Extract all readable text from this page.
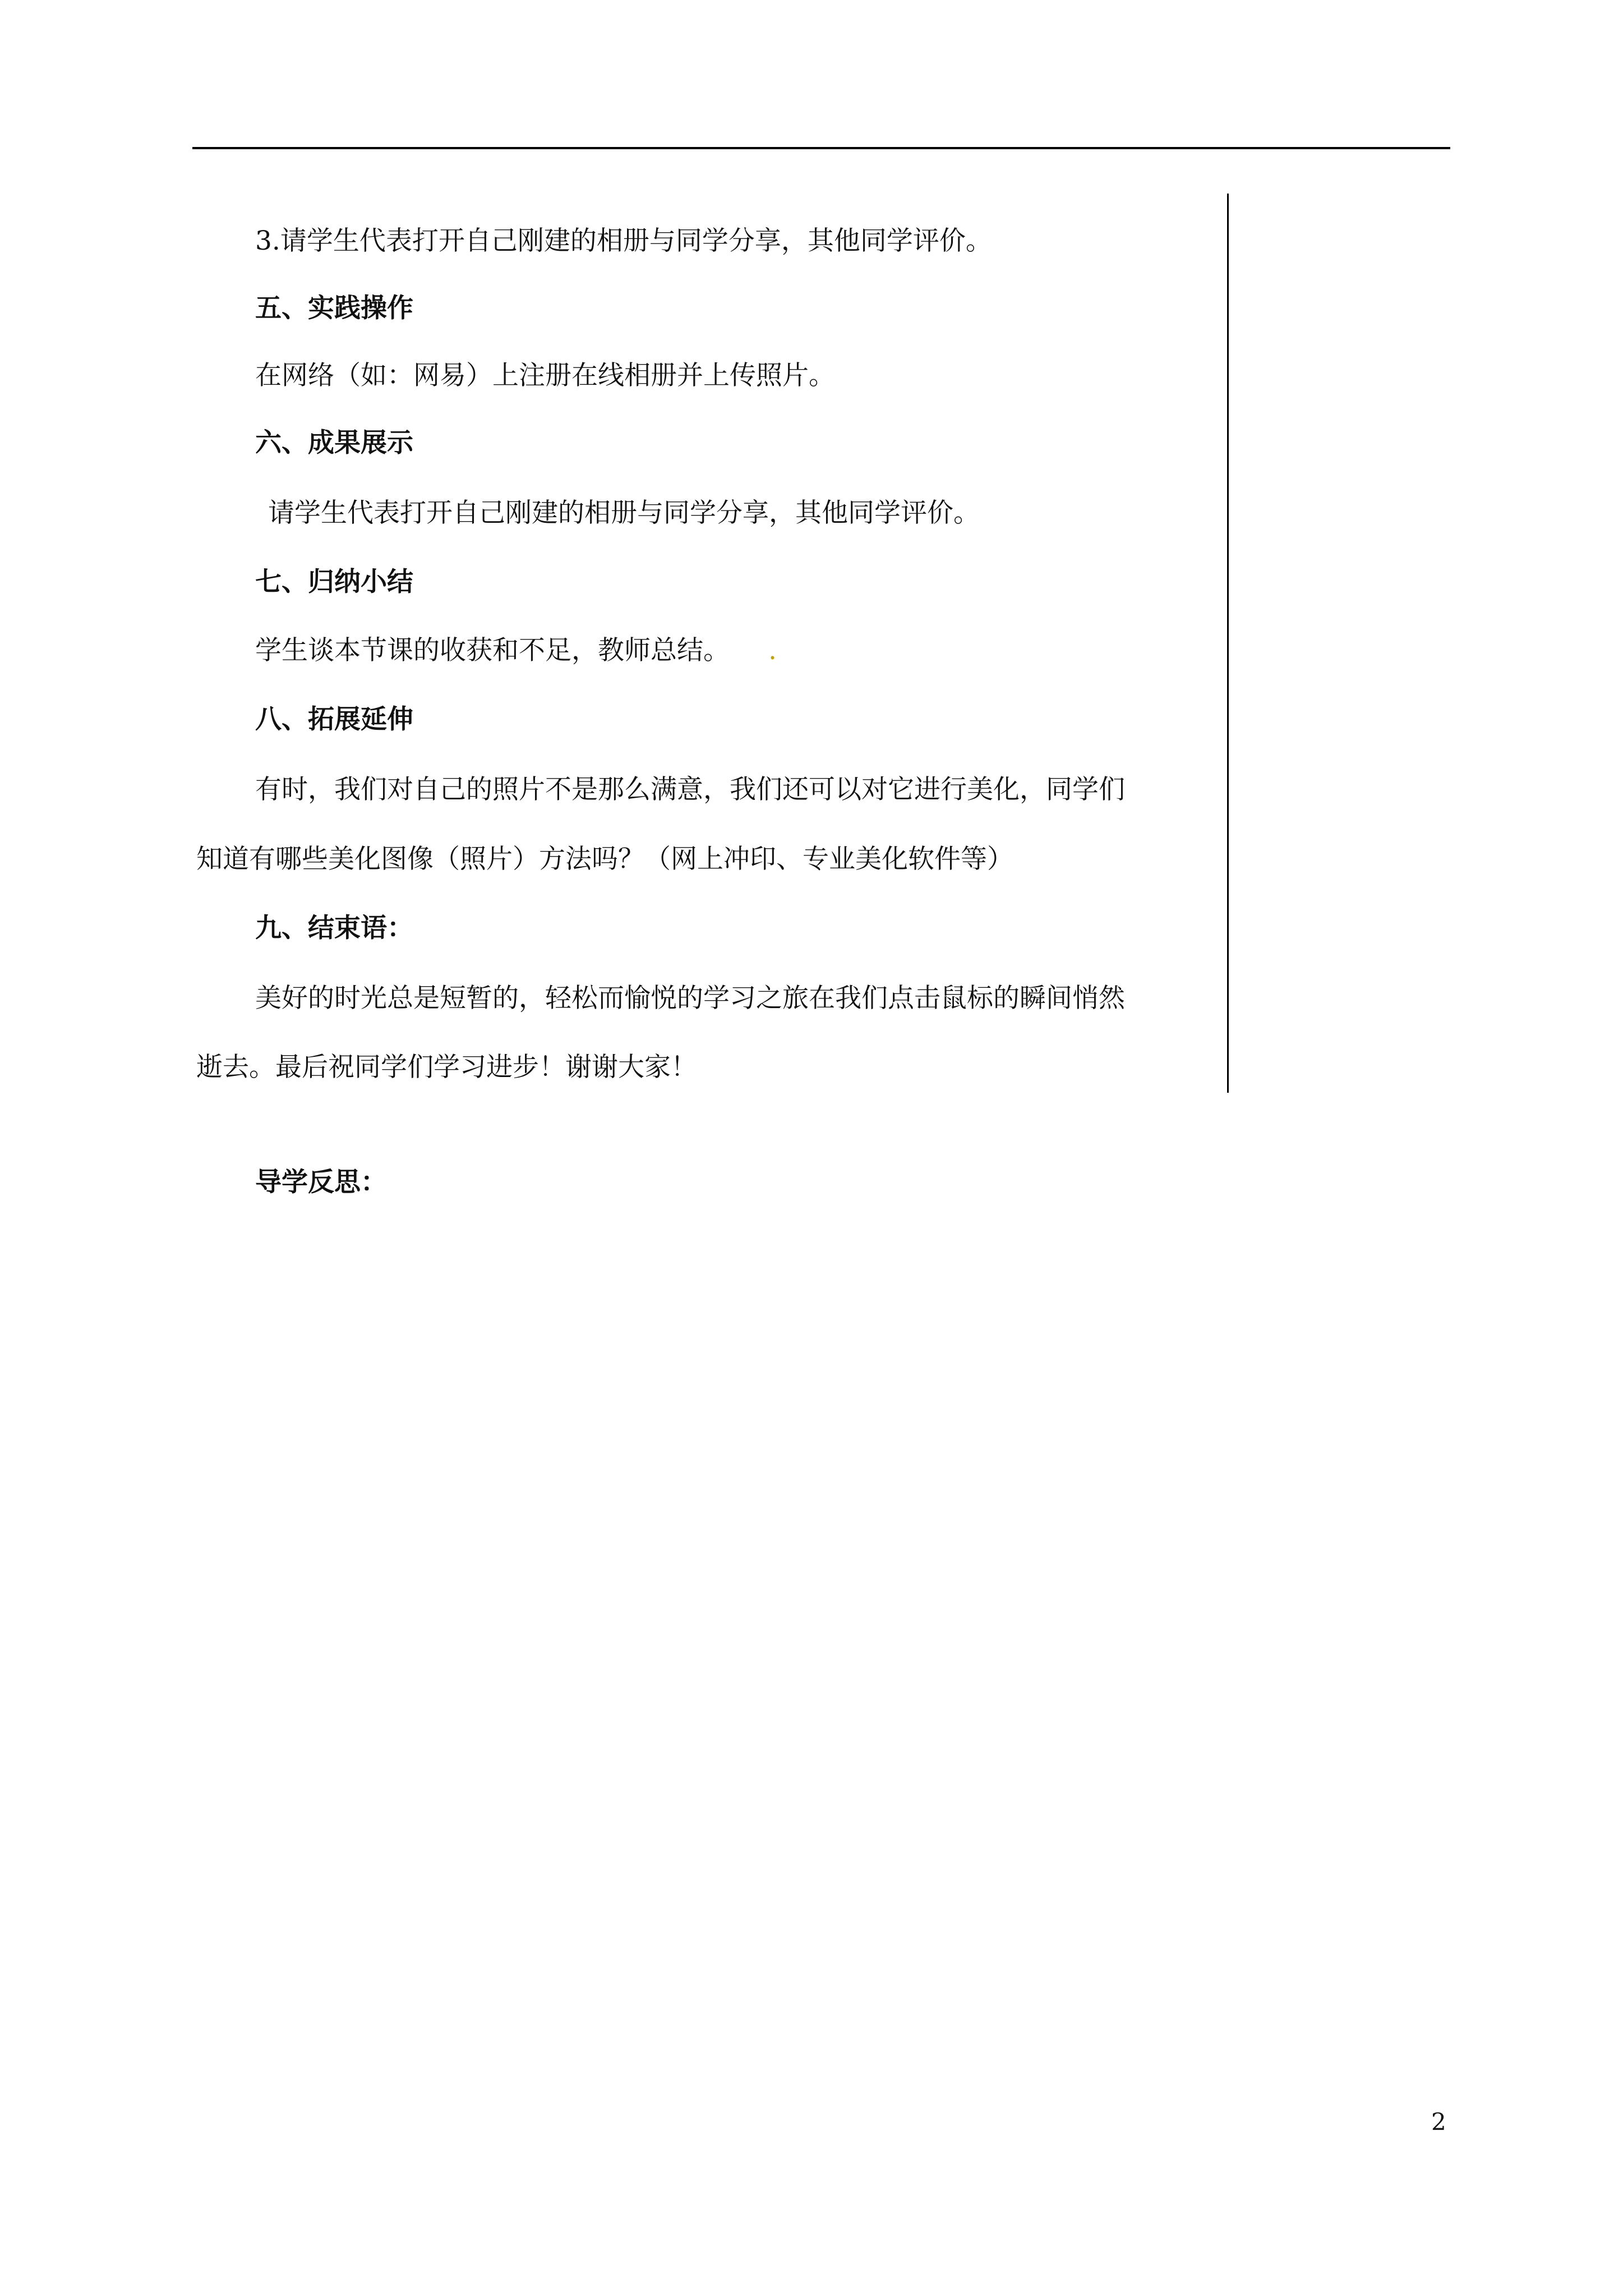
3.请学生代表打开自己刚建的相册与同学分享，其他同学评价。
五、实践操作
在网络（如：网易）上注册在线相册并上传照片。
六、成果展示
请学生代表打开自己刚建的相册与同学分享，其他同学评价。
七、归纳小结
学生谈本节课的收获和不足，教师总结。 .
八、拓展延伸
有时，我们对自己的照片不是那么满意，我们还可以对它进行美化，同学们
知道有哪些美化图像（照片）方法吗？（网上冲印、专业美化软件等）
九、结束语：
美好的时光总是短暂的，轻松而愉悦的学习之旅在我们点击鼠标的瞬间悄然
逝去。最后祝同学们学习进步！谢谢大家！
导学反思：
2
